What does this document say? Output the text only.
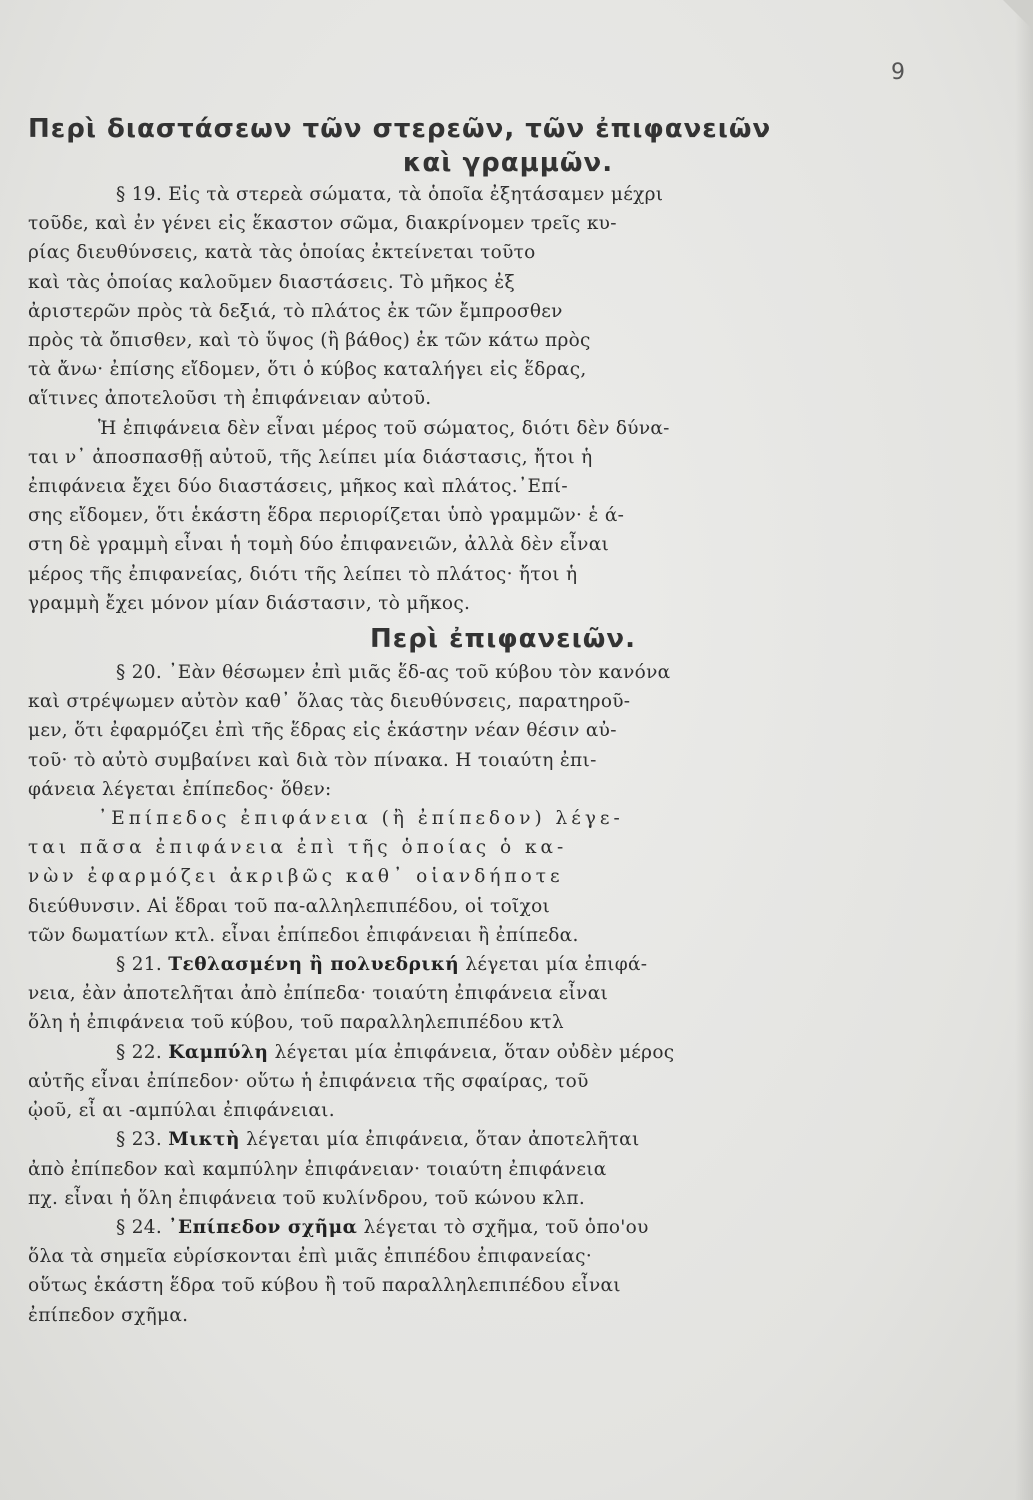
9
Περὶ διαστάσεων τῶν στερεῶν, τῶν ἐπιφανειῶν
καὶ γραμμῶν.

§ 19. Εἰς τὰ στερεὰ σώματα, τὰ ὁποῖα ἐξητάσαμεν μέχρι
τοῦδε, καὶ ἐν γένει εἰς ἕκαστον σῶμα, διακρίνομεν τρεῖς κυ-
ρίας διευθύνσεις, κατὰ τὰς ὁποίας ἐκτείνεται τοῦτο
καὶ τὰς ὁποίας καλοῦμεν διαστάσεις. Τὸ μῆκος ἐξ
ἀριστερῶν πρὸς τὰ δεξιά, τὸ πλάτος ἐκ τῶν ἔμπροσθεν
πρὸς τὰ ὄπισθεν, καὶ τὸ ὕψος (ἢ βάθος) ἐκ τῶν κάτω πρὸς
τὰ ἄνω· ἐπίσης εἴδομεν, ὅτι ὁ κύβος καταλήγει εἰς ἕδρας,
αἵτινες ἀποτελοῦσι τὴ ἐπιφάνειαν αὐτοῦ.
Ἡ ἐπιφάνεια δὲν εἶναι μέρος τοῦ σώματος, διότι δὲν δύνα-
ται ν᾽ ἀποσπασθῇ αὐτοῦ, τῆς λείπει μία διάστασις, ἤτοι ἡ
ἐπιφάνεια ἔχει δύο διαστάσεις, μῆκος καὶ πλάτος.᾽Επί-
σης εἴδομεν, ὅτι ἑκάστη ἕδρα περιορίζεται ὑπὸ γραμμῶν· ἑ ά-
στη δὲ γραμμὴ εἶναι ἡ τομὴ δύο ἐπιφανειῶν, ἀλλὰ δὲν εἶναι
μέρος τῆς ἐπιφανείας, διότι τῆς λείπει τὸ πλάτος· ἤτοι ἡ
γραμμὴ ἔχει μόνον μίαν διάστασιν, τὸ μῆκος.

Περὶ ἐπιφανειῶν.

§ 20. ᾽Εὰν θέσωμεν ἐπὶ μιᾶς ἕδ-ας τοῦ κύβου τὸν κανόνα
καὶ στρέψωμεν αὐτὸν καθ᾽ ὅλας τὰς διευθύνσεις, παρατηροῦ-
μεν, ὅτι ἐφαρμόζει ἐπὶ τῆς ἕδρας εἰς ἑκάστην νέαν θέσιν αὐ-
τοῦ· τὸ αὐτὸ συμβαίνει καὶ διὰ τὸν πίνακα. Η τοιαύτη ἐπι-
φάνεια λέγεται ἐπίπεδος· ὅθεν:
᾽Επίπεδος ἐπιφάνεια (ἢ ἐπίπεδον) λέγε-
ται πᾶσα ἐπιφάνεια ἐπὶ τῆς ὁποίας ὁ κα-
νὼν ἐφαρμόζει ἀκριβῶς καθ᾽ οἱανδήποτε
διεύθυνσιν. Αἱ ἕδραι τοῦ πα-αλληλεπιπέδου, οἱ τοῖχοι
τῶν δωματίων κτλ. εἶναι ἐπίπεδοι ἐπιφάνειαι ἢ ἐπίπεδα.

§ 21. Τεθλασμένη ἢ πολυεδρική λέγεται μία ἐπιφά-
νεια, ἐὰν ἀποτελῆται ἀπὸ ἐπίπεδα· τοιαύτη ἐπιφάνεια εἶναι
ὅλη ἡ ἐπιφάνεια τοῦ κύβου, τοῦ παραλληλεπιπέδου κτλ

§ 22. Καμπύλη λέγεται μία ἐπιφάνεια, ὅταν οὐδὲν μέρος
αὐτῆς εἶναι ἐπίπεδον· οὕτω ἡ ἐπιφάνεια τῆς σφαίρας, τοῦ
ᾠοῦ, εἶ αι -αμπύλαι ἐπιφάνειαι.

§ 23. Μικτὴ λέγεται μία ἐπιφάνεια, ὅταν ἀποτελῆται
ἀπὸ ἐπίπεδον καὶ καμπύλην ἐπιφάνειαν· τοιαύτη ἐπιφάνεια
πχ. εἶναι ἡ ὅλη ἐπιφάνεια τοῦ κυλίνδρου, τοῦ κώνου κλπ.

§ 24. ᾽Επίπεδον σχῆμα λέγεται τὸ σχῆμα, τοῦ ὁπο'ου
ὅλα τὰ σημεῖα εὑρίσκονται ἐπὶ μιᾶς ἐπιπέδου ἐπιφανείας·
οὕτως ἑκάστη ἕδρα τοῦ κύβου ἢ τοῦ παραλληλεπιπέδου εἶναι
ἐπίπεδον σχῆμα.
